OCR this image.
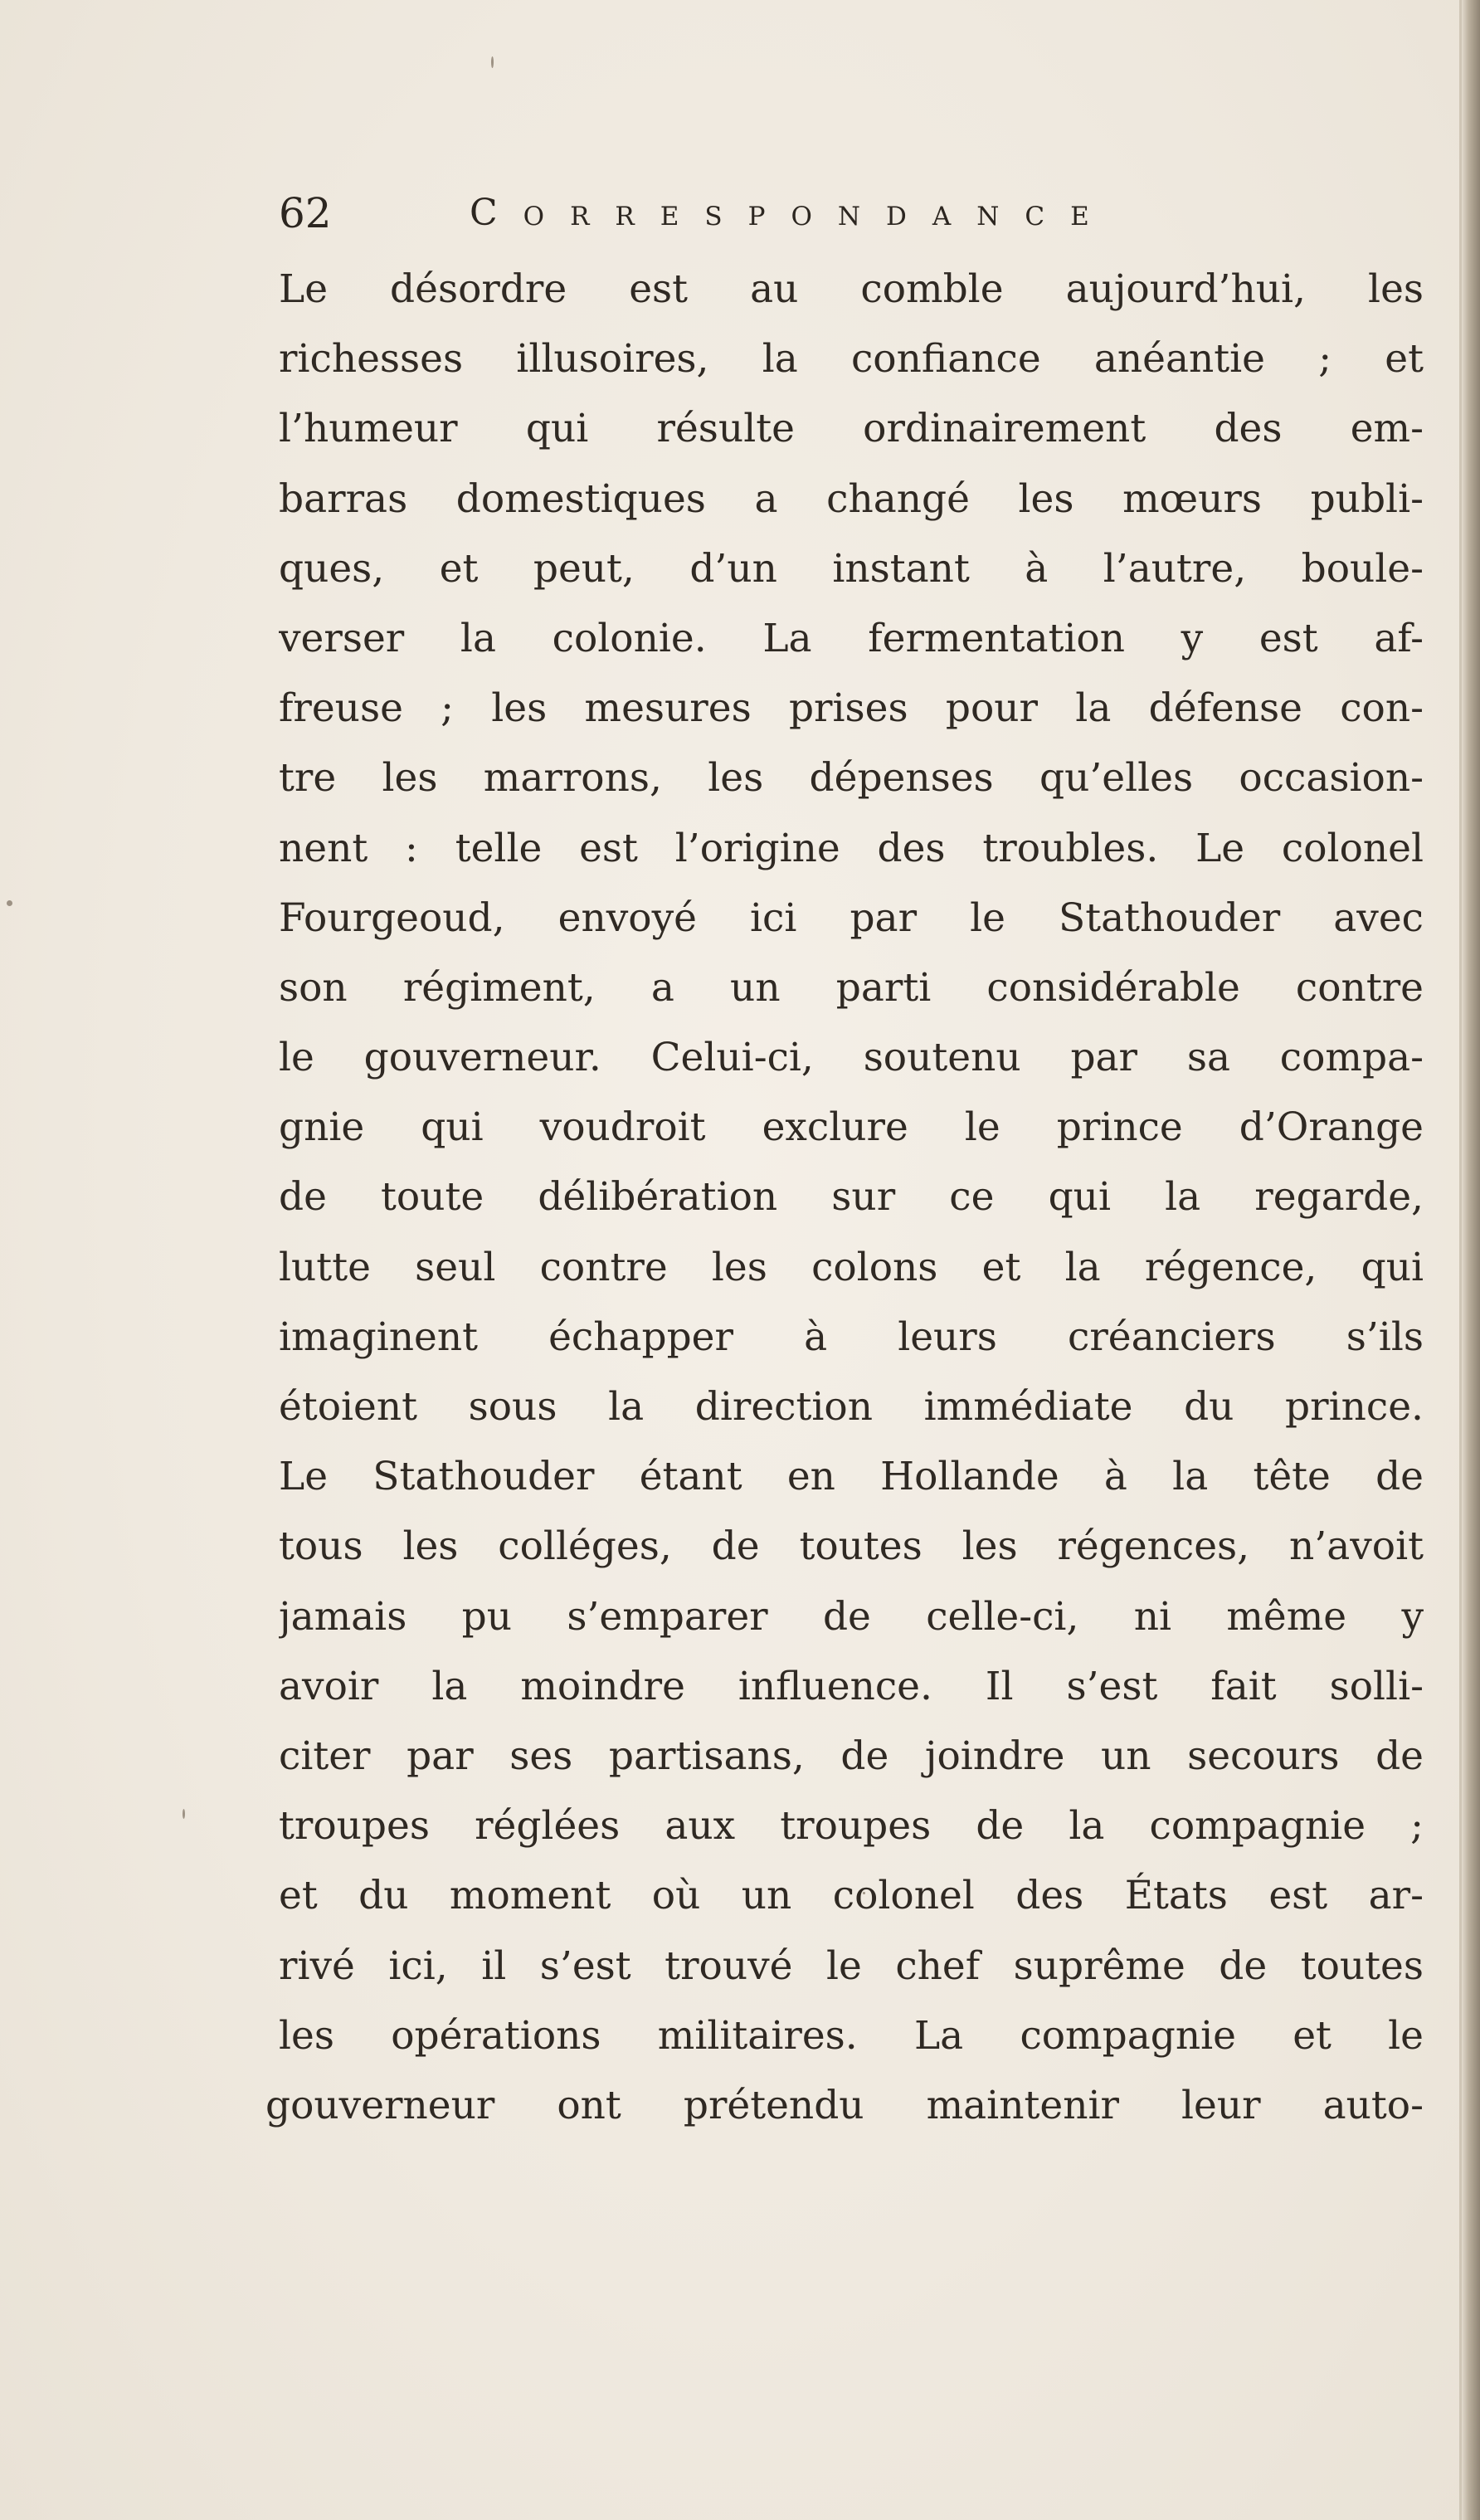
62	Correspondance
Le désordre est au comble aujourd’hui, les
richesses illusoires, la confiance anéantie ; et
l’humeur qui résulte ordinairement des em-
barras domestiques a changé les mœurs publi-
ques, et peut, d’un instant à l’autre, boule-
verser la colonie. La fermentation y est af-
freuse ; les mesures prises pour la défense con-
tre les marrons, les dépenses qu’elles occasion-
nent : telle est l’origine des troubles. Le colonel
Fourgeoud, envoyé ici par le Stathouder avec
son régiment, a un parti considérable contre
le gouverneur. Celui-ci, soutenu par sa compa-
gnie qui voudroit exclure le prince d’Orange
de toute délibération sur ce qui la regarde,
lutte seul contre les colons et la régence, qui
imaginent échapper à leurs créanciers s’ils
étoient sous la direction immédiate du prince.
Le Stathouder étant en Hollande à la tête de
tous les colléges, de toutes les régences, n’avoit
jamais pu s’emparer de celle-ci, ni même y
avoir la moindre influence. Il s’est fait solli-
citer par ses partisans, de joindre un secours de
troupes réglées aux troupes de la compagnie ;
et du moment où un colonel des États est ar-
rivé ici, il s’est trouvé le chef suprême de toutes
les opérations militaires. La compagnie et le
gouverneur ont prétendu maintenir leur auto-
